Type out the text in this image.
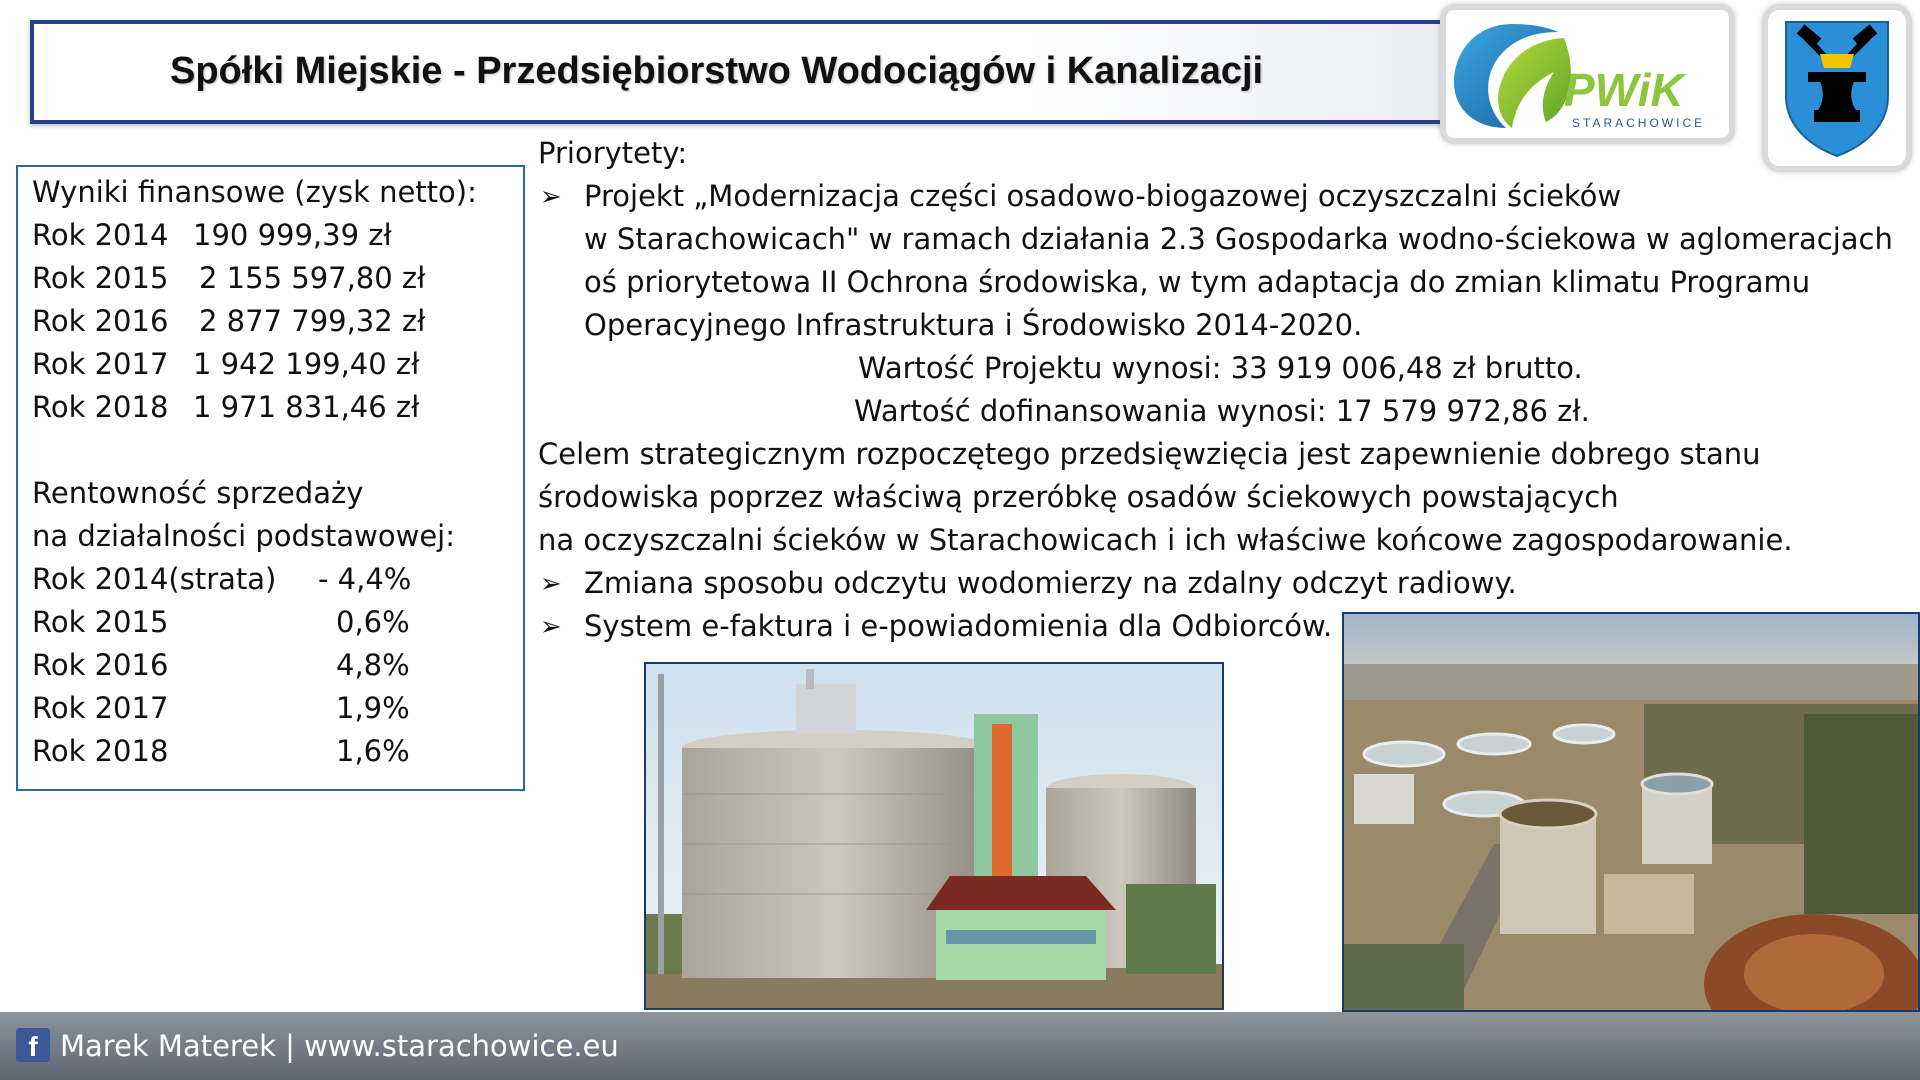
Spółki Miejskie - Przedsiębiorstwo Wodociągów i Kanalizacji	PWiK
STARACHOWICE
Wyniki finansowe (zysk netto):
Rok 2014 190 999,39 zł
Rok 2015 2 155 597,80 zł
Rok 2016 2 877 799,32 zł
Rok 2017 1 942 199,40 zł
Rok 2018 1 971 831,46 zł
Rentowność sprzedaży
na działalności podstawowej:
Rok 2014(strata) - 4,4%
Rok 2015	0,6%
Rok 2016	4,8%
Rok 2017	1,9%
Rok 2018	1,6%
Priorytety:
➢ Projekt „Modernizacja części osadowo-biogazowej oczyszczalni ścieków
w Starachowicach" w ramach działania 2.3 Gospodarka wodno-ściekowa w aglomeracjach
oś priorytetowa II Ochrona środowiska, w tym adaptacja do zmian klimatu Programu
Operacyjnego Infrastruktura i Środowisko 2014-2020.
Wartość Projektu wynosi: 33 919 006,48 zł brutto.
Wartość dofinansowania wynosi: 17 579 972,86 zł.
Celem strategicznym rozpoczętego przedsięwzięcia jest zapewnienie dobrego stanu
środowiska poprzez właściwą przeróbkę osadów ściekowych powstających
na oczyszczalni ścieków w Starachowicach i ich właściwe końcowe zagospodarowanie.
➢ Zmiana sposobu odczytu wodomierzy na zdalny odczyt radiowy.
➢ System e-faktura i e-powiadomienia dla Odbiorców.
f Marek Materek | www.starachowice.eu
